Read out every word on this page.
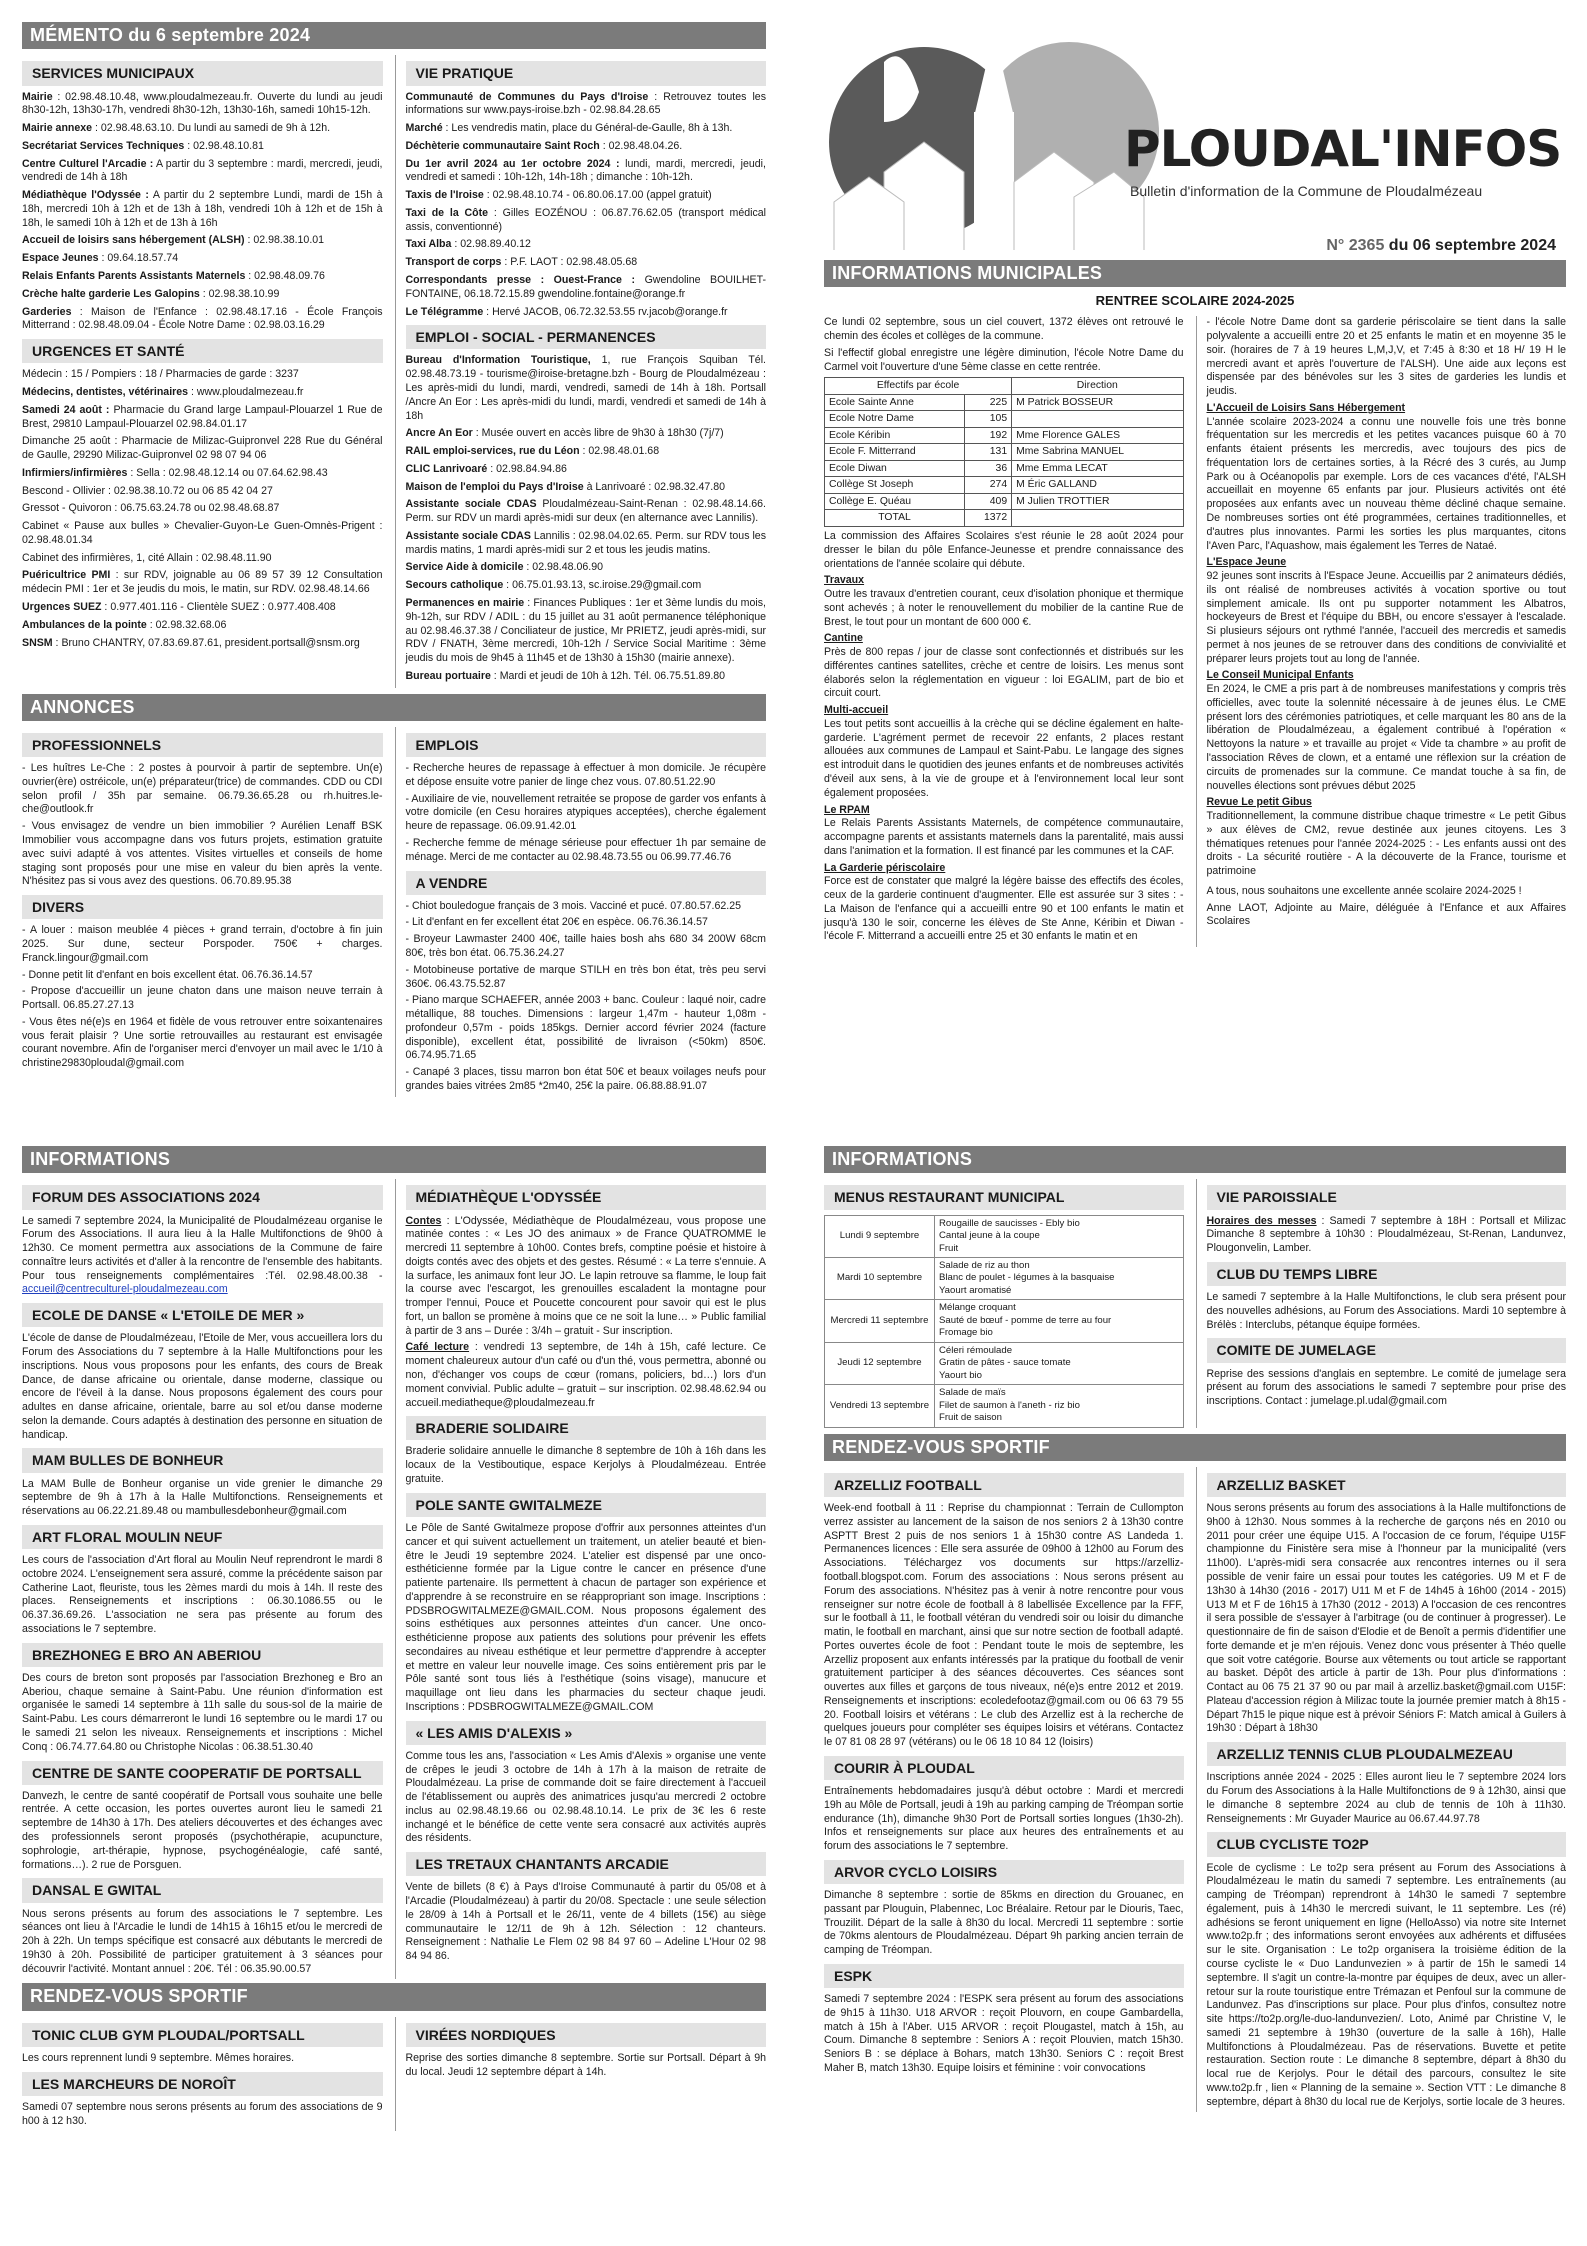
MÉMENTO du 6 septembre 2024
SERVICES MUNICIPAUX

Mairie : 02.98.48.10.48, www.ploudalmezeau.fr. Ouverte du lundi au jeudi 8h30-12h, 13h30-17h, vendredi 8h30-12h, 13h30-16h, samedi 10h15-12h.

Mairie annexe : 02.98.48.63.10. Du lundi au samedi de 9h à 12h.

Secrétariat Services Techniques : 02.98.48.10.81

Centre Culturel l'Arcadie : A partir du 3 septembre : mardi, mercredi, jeudi, vendredi de 14h à 18h

Médiathèque l'Odyssée : A partir du 2 septembre Lundi, mardi de 15h à 18h, mercredi 10h à 12h et de 13h à 18h, vendredi 10h à 12h et de 15h à 18h, le samedi 10h à 12h et de 13h à 16h

Accueil de loisirs sans hébergement (ALSH) : 02.98.38.10.01

Espace Jeunes : 09.64.18.57.74

Relais Enfants Parents Assistants Maternels : 02.98.48.09.76

Crèche halte garderie Les Galopins : 02.98.38.10.99

Garderies : Maison de l'Enfance : 02.98.48.17.16 - École François Mitterrand : 02.98.48.09.04 - École Notre Dame : 02.98.03.16.29

URGENCES ET SANTÉ

Médecin : 15 / Pompiers : 18 / Pharmacies de garde : 3237

Médecins, dentistes, vétérinaires : www.ploudalmezeau.fr

Samedi 24 août : Pharmacie du Grand large Lampaul-Plouarzel 1 Rue de Brest, 29810 Lampaul-Plouarzel 02.98.84.01.17

Dimanche 25 août : Pharmacie de Milizac-Guipronvel 228 Rue du Général de Gaulle, 29290 Milizac-Guipronvel 02 98 07 94 06

Infirmiers/infirmières : Sella : 02.98.48.12.14 ou 07.64.62.98.43

Bescond - Ollivier : 02.98.38.10.72 ou 06 85 42 04 27

Gressot - Quivoron : 06.75.63.24.78 ou 02.98.48.68.87

Cabinet « Pause aux bulles » Chevalier-Guyon-Le Guen-Omnès-Prigent : 02.98.48.01.34

Cabinet des infirmières, 1, cité Allain : 02.98.48.11.90

Puéricultrice PMI : sur RDV, joignable au 06 89 57 39 12 Consultation médecin PMI : 1er et 3e jeudis du mois, le matin, sur RDV. 02.98.48.14.66

Urgences SUEZ : 0.977.401.116 - Clientèle SUEZ : 0.977.408.408

Ambulances de la pointe : 02.98.32.68.06

SNSM : Bruno CHANTRY, 07.83.69.87.61, president.portsall@snsm.org

VIE PRATIQUE

Communauté de Communes du Pays d'Iroise : Retrouvez toutes les informations sur www.pays-iroise.bzh - 02.98.84.28.65

Marché : Les vendredis matin, place du Général-de-Gaulle, 8h à 13h.

Déchèterie communautaire Saint Roch : 02.98.48.04.26.

Du 1er avril 2024 au 1er octobre 2024 : lundi, mardi, mercredi, jeudi, vendredi et samedi : 10h-12h, 14h-18h ; dimanche : 10h-12h.

Taxis de l'Iroise : 02.98.48.10.74 - 06.80.06.17.00 (appel gratuit)

Taxi de la Côte : Gilles EOZÉNOU : 06.87.76.62.05 (transport médical assis, conventionné)

Taxi Alba : 02.98.89.40.12

Transport de corps : P.F. LAOT : 02.98.48.05.68

Correspondants presse : Ouest-France : Gwendoline BOUILHET-FONTAINE, 06.18.72.15.89 gwendoline.fontaine@orange.fr

Le Télégramme : Hervé JACOB, 06.72.32.53.55 rv.jacob@orange.fr

EMPLOI - SOCIAL - PERMANENCES

Bureau d'Information Touristique, 1, rue François Squiban Tél. 02.98.48.73.19 - tourisme@iroise-bretagne.bzh - Bourg de Ploudalmézeau : Les après-midi du lundi, mardi, vendredi, samedi de 14h à 18h. Portsall /Ancre An Eor : Les après-midi du lundi, mardi, vendredi et samedi de 14h à 18h

Ancre An Eor : Musée ouvert en accès libre de 9h30 à 18h30 (7j/7)

RAIL emploi-services, rue du Léon : 02.98.48.01.68

CLIC Lanrivoaré : 02.98.84.94.86

Maison de l'emploi du Pays d'Iroise à Lanrivoaré : 02.98.32.47.80

Assistante sociale CDAS Ploudalmézeau-Saint-Renan : 02.98.48.14.66. Perm. sur RDV un mardi après-midi sur deux (en alternance avec Lannilis).

Assistante sociale CDAS Lannilis : 02.98.04.02.65. Perm. sur RDV tous les mardis matins, 1 mardi après-midi sur 2 et tous les jeudis matins.

Service Aide à domicile : 02.98.48.06.90

Secours catholique : 06.75.01.93.13, sc.iroise.29@gmail.com

Permanences en mairie : Finances Publiques : 1er et 3ème lundis du mois, 9h-12h, sur RDV / ADIL : du 15 juillet au 31 août permanence téléphonique au 02.98.46.37.38 / Conciliateur de justice, Mr PRIETZ, jeudi après-midi, sur RDV / FNATH, 3ème mercredi, 10h-12h / Service Social Maritime : 3ème jeudis du mois de 9h45 à 11h45 et de 13h30 à 15h30 (mairie annexe).

Bureau portuaire : Mardi et jeudi de 10h à 12h. Tél. 06.75.51.89.80

ANNONCES
PROFESSIONNELS

- Les huîtres Le-Che : 2 postes à pourvoir à partir de septembre. Un(e) ouvrier(ère) ostréicole, un(e) préparateur(trice) de commandes. CDD ou CDI selon profil / 35h par semaine. 06.79.36.65.28 ou rh.huitres.le-che@outlook.fr

- Vous envisagez de vendre un bien immobilier ? Aurélien Lenaff BSK Immobilier vous accompagne dans vos futurs projets, estimation gratuite avec suivi adapté à vos attentes. Visites virtuelles et conseils de home staging sont proposés pour une mise en valeur du bien après la vente. N'hésitez pas si vous avez des questions. 06.70.89.95.38

DIVERS

- A louer : maison meublée 4 pièces + grand terrain, d'octobre à fin juin 2025. Sur dune, secteur Porspoder. 750€ + charges. Franck.lingour@gmail.com

- Donne petit lit d'enfant en bois excellent état. 06.76.36.14.57

- Propose d'accueillir un jeune chaton dans une maison neuve terrain à Portsall. 06.85.27.27.13

- Vous êtes né(e)s en 1964 et fidèle de vous retrouver entre soixantenaires vous ferait plaisir ? Une sortie retrouvailles au restaurant est envisagée courant novembre. Afin de l'organiser merci d'envoyer un mail avec le 1/10 à christine29830ploudal@gmail.com

EMPLOIS

- Recherche heures de repassage à effectuer à mon domicile. Je récupère et dépose ensuite votre panier de linge chez vous. 07.80.51.22.90

- Auxiliaire de vie, nouvellement retraitée se propose de garder vos enfants à votre domicile (en Cesu horaires atypiques acceptées), cherche également heure de repassage. 06.09.91.42.01

- Recherche femme de ménage sérieuse pour effectuer 1h par semaine de ménage. Merci de me contacter au 02.98.48.73.55 ou 06.99.77.46.76

A VENDRE

- Chiot bouledogue français de 3 mois. Vacciné et pucé. 07.80.57.62.25

- Lit d'enfant en fer excellent état 20€ en espèce. 06.76.36.14.57

- Broyeur Lawmaster 2400 40€, taille haies bosh ahs 680 34 200W 68cm 80€, très bon état. 06.75.36.24.27

- Motobineuse portative de marque STILH en très bon état, très peu servi 360€. 06.43.75.52.87

- Piano marque SCHAEFER, année 2003 + banc. Couleur : laqué noir, cadre métallique, 88 touches. Dimensions : largeur 1,47m - hauteur 1,08m - profondeur 0,57m - poids 185kgs. Dernier accord février 2024 (facture disponible), excellent état, possibilité de livraison (<50km) 850€. 06.74.95.71.65

- Canapé 3 places, tissu marron bon état 50€ et beaux voilages neufs pour grandes baies vitrées 2m85 *2m40, 25€ la paire. 06.88.88.91.07

PLOUDAL'INFOS
Bulletin d'information de la Commune de Ploudalmézeau
N° 2365 du 06 septembre 2024
INFORMATIONS MUNICIPALES
RENTREE SCOLAIRE 2024-2025

Ce lundi 02 septembre, sous un ciel couvert, 1372 élèves ont retrouvé le chemin des écoles et collèges de la commune.

Si l'effectif global enregistre une légère diminution, l'école Notre Dame du Carmel voit l'ouverture d'une 5ème classe en cette rentrée.

Effectifs par école		Direction
Ecole Sainte Anne	225	M Patrick BOSSEUR
Ecole Notre Dame	105	
Ecole Kéribin	192	Mme Florence GALES
Ecole F. Mitterrand	131	Mme Sabrina MANUEL
Ecole Diwan	36	Mme Emma LECAT
Collège St Joseph	274	M Éric GALLAND
Collège E. Quéau	409	M Julien TROTTIER
TOTAL	1372	

La commission des Affaires Scolaires s'est réunie le 28 août 2024 pour dresser le bilan du pôle Enfance-Jeunesse et prendre connaissance des orientations de l'année scolaire qui débute.

Travaux

Outre les travaux d'entretien courant, ceux d'isolation phonique et thermique sont achevés ; à noter le renouvellement du mobilier de la cantine Rue de Brest, le tout pour un montant de 600 000 €.

Cantine

Près de 800 repas / jour de classe sont confectionnés et distribués sur les différentes cantines satellites, crèche et centre de loisirs. Les menus sont élaborés selon la réglementation en vigueur : loi EGALIM, part de bio et circuit court.

Multi-accueil

Les tout petits sont accueillis à la crèche qui se décline également en halte-garderie. L'agrément permet de recevoir 22 enfants, 2 places restant allouées aux communes de Lampaul et Saint-Pabu. Le langage des signes est introduit dans le quotidien des jeunes enfants et de nombreuses activités d'éveil aux sens, à la vie de groupe et à l'environnement local leur sont également proposées.

Le RPAM

Le Relais Parents Assistants Maternels, de compétence communautaire, accompagne parents et assistants maternels dans la parentalité, mais aussi dans l'animation et la formation. Il est financé par les communes et la CAF.

La Garderie périscolaire

Force est de constater que malgré la légère baisse des effectifs des écoles, ceux de la garderie continuent d'augmenter. Elle est assurée sur 3 sites : - La Maison de l'enfance qui a accueilli entre 90 et 100 enfants le matin et jusqu'à 130 le soir, concerne les élèves de Ste Anne, Kéribin et Diwan - l'école F. Mitterrand a accueilli entre 25 et 30 enfants le matin et en

- l'école Notre Dame dont sa garderie périscolaire se tient dans la salle polyvalente a accueilli entre 20 et 25 enfants le matin et en moyenne 35 le soir. (horaires de 7 à 19 heures L,M,J,V, et 7:45 à 8:30 et 18 H/ 19 H le mercredi avant et après l'ouverture de l'ALSH). Une aide aux leçons est dispensée par des bénévoles sur les 3 sites de garderies les lundis et jeudis.

L'Accueil de Loisirs Sans Hébergement

L'année scolaire 2023-2024 a connu une nouvelle fois une très bonne fréquentation sur les mercredis et les petites vacances puisque 60 à 70 enfants étaient présents les mercredis, avec toujours des pics de fréquentation lors de certaines sorties, à la Récré des 3 curés, au Jump Park ou à Océanopolis par exemple. Lors de ces vacances d'été, l'ALSH accueillait en moyenne 65 enfants par jour. Plusieurs activités ont été proposées aux enfants avec un nouveau thème décliné chaque semaine. De nombreuses sorties ont été programmées, certaines traditionnelles, et d'autres plus innovantes. Parmi les sorties les plus marquantes, citons l'Aven Parc, l'Aquashow, mais également les Terres de Nataé.

L'Espace Jeune

92 jeunes sont inscrits à l'Espace Jeune. Accueillis par 2 animateurs dédiés, ils ont réalisé de nombreuses activités à vocation sportive ou tout simplement amicale. Ils ont pu supporter notamment les Albatros, hockeyeurs de Brest et l'équipe du BBH, ou encore s'essayer à l'escalade. Si plusieurs séjours ont rythmé l'année, l'accueil des mercredis et samedis permet à nos jeunes de se retrouver dans des conditions de convivialité et préparer leurs projets tout au long de l'année.

Le Conseil Municipal Enfants

En 2024, le CME a pris part à de nombreuses manifestations y compris très officielles, avec toute la solennité nécessaire à de jeunes élus. Le CME présent lors des cérémonies patriotiques, et celle marquant les 80 ans de la libération de Ploudalmézeau, a également contribué à l'opération « Nettoyons la nature » et travaille au projet « Vide ta chambre » au profit de l'association Rêves de clown, et a entamé une réflexion sur la création de circuits de promenades sur la commune. Ce mandat touche à sa fin, de nouvelles élections sont prévues début 2025

Revue Le petit Gibus

Traditionnellement, la commune distribue chaque trimestre « Le petit Gibus » aux élèves de CM2, revue destinée aux jeunes citoyens. Les 3 thématiques retenues pour l'année 2024-2025 : - Les enfants aussi ont des droits - La sécurité routière - A la découverte de la France, tourisme et patrimoine

A tous, nous souhaitons une excellente année scolaire 2024-2025 !

Anne LAOT, Adjointe au Maire, déléguée à l'Enfance et aux Affaires Scolaires

INFORMATIONS
FORUM DES ASSOCIATIONS 2024

Le samedi 7 septembre 2024, la Municipalité de Ploudalmézeau organise le Forum des Associations. Il aura lieu à la Halle Multifonctions de 9h00 à 12h30. Ce moment permettra aux associations de la Commune de faire connaître leurs activités et d'aller à la rencontre de l'ensemble des habitants. Pour tous renseignements complémentaires :Tél. 02.98.48.00.38 - accueil@centreculturel-ploudalmezeau.com

ECOLE DE DANSE « L'ETOILE DE MER »

L'école de danse de Ploudalmézeau, l'Etoile de Mer, vous accueillera lors du Forum des Associations du 7 septembre à la Halle Multifonctions pour les inscriptions. Nous vous proposons pour les enfants, des cours de Break Dance, de danse africaine ou orientale, danse moderne, classique ou encore de l'éveil à la danse. Nous proposons également des cours pour adultes en danse africaine, orientale, barre au sol et/ou danse moderne selon la demande. Cours adaptés à destination des personne en situation de handicap.

MAM BULLES DE BONHEUR

La MAM Bulle de Bonheur organise un vide grenier le dimanche 29 septembre de 9h à 17h à la Halle Multifonctions. Renseignements et réservations au 06.22.21.89.48 ou mambullesdebonheur@gmail.com

ART FLORAL MOULIN NEUF

Les cours de l'association d'Art floral au Moulin Neuf reprendront le mardi 8 octobre 2024. L'enseignement sera assuré, comme la précédente saison par Catherine Laot, fleuriste, tous les 2èmes mardi du mois à 14h. Il reste des places. Renseignements et inscriptions : 06.30.1086.55 ou le 06.37.36.69.26. L'association ne sera pas présente au forum des associations le 7 septembre.

BREZHONEG E BRO AN ABERIOU

Des cours de breton sont proposés par l'association Brezhoneg e Bro an Aberiou, chaque semaine à Saint-Pabu. Une réunion d'information est organisée le samedi 14 septembre à 11h salle du sous-sol de la mairie de Saint-Pabu. Les cours démarreront le lundi 16 septembre ou le mardi 17 ou le samedi 21 selon les niveaux. Renseignements et inscriptions : Michel Conq : 06.74.77.64.80 ou Christophe Nicolas : 06.38.51.30.40

CENTRE DE SANTE COOPERATIF DE PORTSALL

Danvezh, le centre de santé coopératif de Portsall vous souhaite une belle rentrée. A cette occasion, les portes ouvertes auront lieu le samedi 21 septembre de 14h30 à 17h. Des ateliers découvertes et des échanges avec des professionnels seront proposés (psychothérapie, acupuncture, sophrologie, art-thérapie, hypnose, psychogénéalogie, café santé, formations…). 2 rue de Porsguen.

DANSAL E GWITAL

Nous serons présents au forum des associations le 7 septembre. Les séances ont lieu à l'Arcadie le lundi de 14h15 à 16h15 et/ou le mercredi de 20h à 22h. Un temps spécifique est consacré aux débutants le mercredi de 19h30 à 20h. Possibilité de participer gratuitement à 3 séances pour découvrir l'activité. Montant annuel : 20€. Tél : 06.35.90.00.57

MÉDIATHÈQUE L'ODYSSÉE

Contes : L'Odyssée, Médiathèque de Ploudalmézeau, vous propose une matinée contes : « Les JO des animaux » de France QUATROMME le mercredi 11 septembre à 10h00. Contes brefs, comptine poésie et histoire à doigts contés avec des objets et des gestes. Résumé : « La terre s'ennuie. A la surface, les animaux font leur JO. Le lapin retrouve sa flamme, le loup fait la course avec l'escargot, les grenouilles escaladent la montagne pour tromper l'ennui, Pouce et Poucette concourent pour savoir qui est le plus fort, un ballon se promène à moins que ce ne soit la lune… » Public familial à partir de 3 ans – Durée : 3/4h – gratuit - Sur inscription.

Café lecture : vendredi 13 septembre, de 14h à 15h, café lecture. Ce moment chaleureux autour d'un café ou d'un thé, vous permettra, abonné ou non, d'échanger vos coups de cœur (romans, policiers, bd…) lors d'un moment convivial. Public adulte – gratuit – sur inscription. 02.98.48.62.94 ou accueil.mediatheque@ploudalmezeau.fr

BRADERIE SOLIDAIRE

Braderie solidaire annuelle le dimanche 8 septembre de 10h à 16h dans les locaux de la Vestiboutique, espace Kerjolys à Ploudalmézeau. Entrée gratuite.

POLE SANTE GWITALMEZE

Le Pôle de Santé Gwitalmeze propose d'offrir aux personnes atteintes d'un cancer et qui suivent actuellement un traitement, un atelier beauté et bien-être le Jeudi 19 septembre 2024. L'atelier est dispensé par une onco-esthéticienne formée par la Ligue contre le cancer en présence d'une patiente partenaire. Ils permettent à chacun de partager son expérience et d'apprendre à se reconstruire en se réappropriant son image. Inscriptions : PDSBROGWITALMEZE@GMAIL.COM. Nous proposons également des soins esthétiques aux personnes atteintes d'un cancer. Une onco-esthéticienne propose aux patients des solutions pour prévenir les effets secondaires au niveau esthétique et leur permettre d'apprendre à accepter et mettre en valeur leur nouvelle image. Ces soins entièrement pris par le Pôle santé sont tous liés à l'esthétique (soins visage), manucure et maquillage ont lieu dans les pharmacies du secteur chaque jeudi. Inscriptions : PDSBROGWITALMEZE@GMAIL.COM

« LES AMIS D'ALEXIS »

Comme tous les ans, l'association « Les Amis d'Alexis » organise une vente de crêpes le jeudi 3 octobre de 14h à 17h à la maison de retraite de Ploudalmézeau. La prise de commande doit se faire directement à l'accueil de l'établissement ou auprès des animatrices jusqu'au mercredi 2 octobre inclus au 02.98.48.19.66 ou 02.98.48.10.14. Le prix de 3€ les 6 reste inchangé et le bénéfice de cette vente sera consacré aux activités auprès des résidents.

LES TRETAUX CHANTANTS ARCADIE

Vente de billets (8 €) à Pays d'Iroise Communauté à partir du 05/08 et à l'Arcadie (Ploudalmézeau) à partir du 20/08. Spectacle : une seule sélection le 28/09 à 14h à Portsall et le 26/11, vente de 4 billets (15€) au siège communautaire le 12/11 de 9h à 12h. Sélection : 12 chanteurs. Renseignement : Nathalie Le Flem 02 98 84 97 60 – Adeline L'Hour 02 98 84 94 86.

RENDEZ-VOUS SPORTIF
TONIC CLUB GYM PLOUDAL/PORTSALL

Les cours reprennent lundi 9 septembre. Mêmes horaires.

LES MARCHEURS DE NOROÎT

Samedi 07 septembre nous serons présents au forum des associations de 9 h00 à 12 h30.

VIRÉES NORDIQUES

Reprise des sorties dimanche 8 septembre. Sortie sur Portsall. Départ à 9h du local. Jeudi 12 septembre départ à 14h.

INFORMATIONS
MENUS RESTAURANT MUNICIPAL
Lundi 9 septembre	Rougaille de saucisses - Ebly bio
Cantal jeune à la coupe
Fruit
Mardi 10 septembre	Salade de riz au thon
Blanc de poulet - légumes à la basquaise
Yaourt aromatisé
Mercredi 11 septembre	Mélange croquant
Sauté de bœuf - pomme de terre au four
Fromage bio
Jeudi 12 septembre	Céleri rémoulade
Gratin de pâtes - sauce tomate
Yaourt bio
Vendredi 13 septembre	Salade de maïs
Filet de saumon à l'aneth - riz bio
Fruit de saison
VIE PAROISSIALE

Horaires des messes : Samedi 7 septembre à 18H : Portsall et Milizac Dimanche 8 septembre à 10h30 : Ploudalmézeau, St-Renan, Landunvez, Plougonvelin, Lamber.

CLUB DU TEMPS LIBRE

Le samedi 7 septembre à la Halle Multifonctions, le club sera présent pour des nouvelles adhésions, au Forum des Associations. Mardi 10 septembre à Brélès : Interclubs, pétanque équipe formées.

COMITE DE JUMELAGE

Reprise des sessions d'anglais en septembre. Le comité de jumelage sera présent au forum des associations le samedi 7 septembre pour prise des inscriptions. Contact : jumelage.pl.udal@gmail.com

RENDEZ-VOUS SPORTIF
ARZELLIZ FOOTBALL

Week-end football à 11 : Reprise du championnat : Terrain de Cullompton verrez assister au lancement de la saison de nos seniors 2 à 13h30 contre ASPTT Brest 2 puis de nos seniors 1 à 15h30 contre AS Landeda 1. Permanences licences : Elle sera assurée de 09h00 à 12h00 au Forum des Associations. Téléchargez vos documents sur https://arzelliz-football.blogspot.com. Forum des associations : Nous serons présent au Forum des associations. N'hésitez pas à venir à notre rencontre pour vous renseigner sur notre école de football à 8 labellisée Excellence par la FFF, sur le football à 11, le football vétéran du vendredi soir ou loisir du dimanche matin, le football en marchant, ainsi que sur notre section de football adapté. Portes ouvertes école de foot : Pendant toute le mois de septembre, les Arzelliz proposent aux enfants intéressés par la pratique du football de venir gratuitement participer à des séances découvertes. Ces séances sont ouvertes aux filles et garçons de tous niveaux, né(e)s entre 2012 et 2019. Renseignements et inscriptions: ecoledefootaz@gmail.com ou 06 63 79 55 20. Football loisirs et vétérans : Le club des Arzelliz est à la recherche de quelques joueurs pour compléter ses équipes loisirs et vétérans. Contactez le 07 81 08 28 97 (vétérans) ou le 06 18 10 84 12 (loisirs)

COURIR À PLOUDAL

Entraînements hebdomadaires jusqu'à début octobre : Mardi et mercredi 19h au Môle de Portsall, jeudi à 19h au parking camping de Tréompan sortie endurance (1h), dimanche 9h30 Port de Portsall sorties longues (1h30-2h). Infos et renseignements sur place aux heures des entraînements et au forum des associations le 7 septembre.

ARVOR CYCLO LOISIRS

Dimanche 8 septembre : sortie de 85kms en direction du Grouanec, en passant par Plouguin, Plabennec, Loc Bréalaire. Retour par le Diouris, Taec, Trouzilit. Départ de la salle à 8h30 du local. Mercredi 11 septembre : sortie de 70kms alentours de Ploudalmézeau. Départ 9h parking ancien terrain de camping de Tréompan.

ESPK

Samedi 7 septembre 2024 : l'ESPK sera présent au forum des associations de 9h15 à 11h30. U18 ARVOR : reçoit Plouvorn, en coupe Gambardella, match à 15h à l'Aber. U15 ARVOR : reçoit Plougastel, match à 15h, au Coum. Dimanche 8 septembre : Seniors A : reçoit Plouvien, match 15h30. Seniors B : se déplace à Bohars, match 13h30. Seniors C : reçoit Brest Maher B, match 13h30. Equipe loisirs et féminine : voir convocations

ARZELLIZ BASKET

Nous serons présents au forum des associations à la Halle multifonctions de 9h00 à 12h30. Nous sommes à la recherche de garçons nés en 2010 ou 2011 pour créer une équipe U15. A l'occasion de ce forum, l'équipe U15F championne du Finistère sera mise à l'honneur par la municipalité (vers 11h00). L'après-midi sera consacrée aux rencontres internes ou il sera possible de venir faire un essai pour toutes les catégories. U9 M et F de 13h30 à 14h30 (2016 - 2017) U11 M et F de 14h45 à 16h00 (2014 - 2015) U13 M et F de 16h15 à 17h30 (2012 - 2013) A l'occasion de ces rencontres il sera possible de s'essayer à l'arbitrage (ou de continuer à progresser). Le questionnaire de fin de saison d'Elodie et de Benoît a permis d'identifier une forte demande et je m'en réjouis. Venez donc vous présenter à Théo quelle que soit votre catégorie. Bourse aux vêtements ou tout article se rapportant au basket. Dépôt des article à partir de 13h. Pour plus d'informations : Contact au 06 75 21 37 90 ou par mail à arzelliz.basket@gmail.com U15F: Plateau d'accession région à Milizac toute la journée premier match à 8h15 - Départ 7h15 le pique nique est à prévoir Séniors F: Match amical à Guilers à 19h30 : Départ à 18h30

ARZELLIZ TENNIS CLUB PLOUDALMEZEAU

Inscriptions année 2024 - 2025 : Elles auront lieu le 7 septembre 2024 lors du Forum des Associations à la Halle Multifonctions de 9 à 12h30, ainsi que le dimanche 8 septembre 2024 au club de tennis de 10h à 11h30. Renseignements : Mr Guyader Maurice au 06.67.44.97.78

CLUB CYCLISTE TO2P

Ecole de cyclisme : Le to2p sera présent au Forum des Associations à Ploudalmézeau le matin du samedi 7 septembre. Les entraînements (au camping de Tréompan) reprendront à 14h30 le samedi 7 septembre également, puis à 14h30 le mercredi suivant, le 11 septembre. Les (ré) adhésions se feront uniquement en ligne (HelloAsso) via notre site Internet www.to2p.fr ; des informations seront envoyées aux adhérents et diffusées sur le site. Organisation : Le to2p organisera la troisième édition de la course cycliste le « Duo Landunvezien » à partir de 15h le samedi 14 septembre. Il s'agit un contre-la-montre par équipes de deux, avec un aller-retour sur la route touristique entre Trémazan et Penfoul sur la commune de Landunvez. Pas d'inscriptions sur place. Pour plus d'infos, consultez notre site https://to2p.org/le-duo-landunvezien/. Loto, Animé par Christine V, le samedi 21 septembre à 19h30 (ouverture de la salle à 16h), Halle Multifonctions à Ploudalmézeau. Pas de réservations. Buvette et petite restauration. Section route : Le dimanche 8 septembre, départ à 8h30 du local rue de Kerjolys. Pour le détail des parcours, consultez le site www.to2p.fr , lien « Planning de la semaine ». Section VTT : Le dimanche 8 septembre, départ à 8h30 du local rue de Kerjolys, sortie locale de 3 heures.
